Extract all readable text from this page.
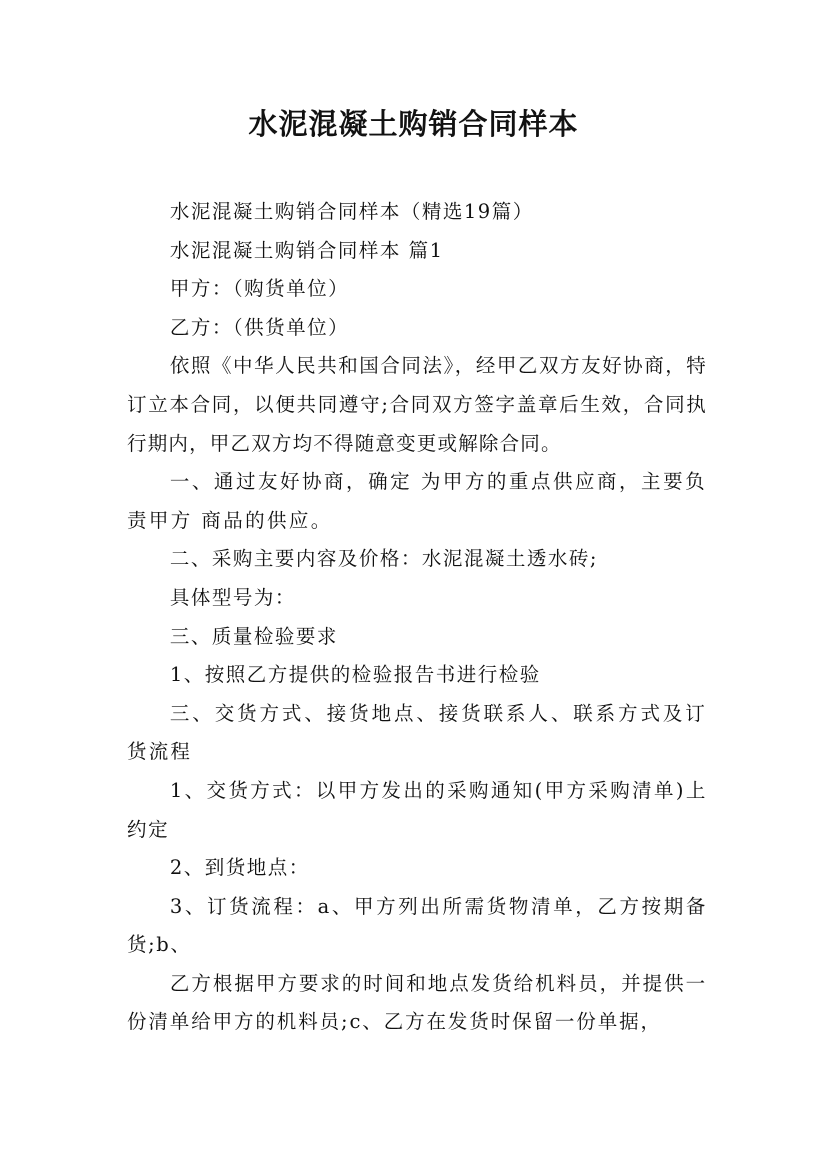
水泥混凝土购销合同样本

水泥混凝土购销合同样本（精选19篇）

水泥混凝土购销合同样本 篇1

甲方：（购货单位）

乙方：（供货单位）

依照《中华人民共和国合同法》，经甲乙双方友好协商，特订立本合同，以便共同遵守;合同双方签字盖章后生效，合同执行期内，甲乙双方均不得随意变更或解除合同。

一、通过友好协商，确定 为甲方的重点供应商，主要负责甲方 商品的供应。

二、采购主要内容及价格：水泥混凝土透水砖;

具体型号为：

三、质量检验要求

1、按照乙方提供的检验报告书进行检验

三、交货方式、接货地点、接货联系人、联系方式及订货流程

1、交货方式：以甲方发出的采购通知(甲方采购清单)上约定

2、到货地点：

3、订货流程：a、甲方列出所需货物清单，乙方按期备货;b、

乙方根据甲方要求的时间和地点发货给机料员，并提供一份清单给甲方的机料员;c、乙方在发货时保留一份单据，
